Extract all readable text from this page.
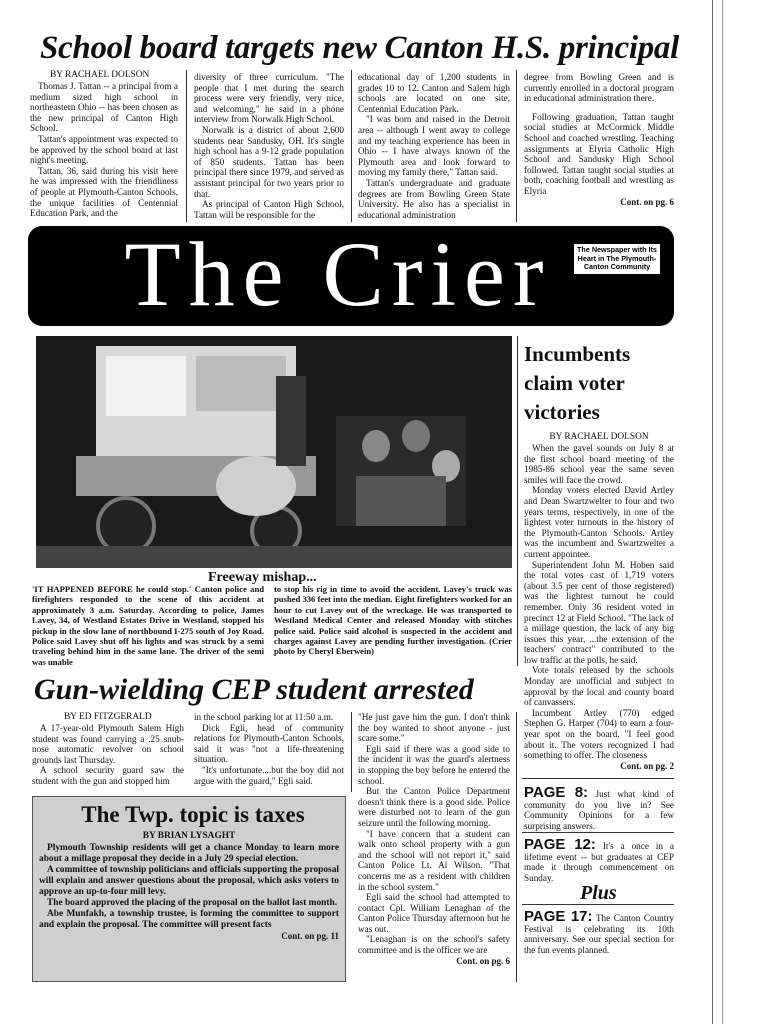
School board targets new Canton H.S. principal
BY RACHAEL DOLSON

Thomas J. Tattan -- a principal from a medium sized high school in northeastern Ohio -- has been chosen as the new principal of Canton High School.

Tattan's appointment was expected to be approved by the school board at last night's meeting.

Tattan, 36, said during his visit here he was impressed with the friendliness of people at Plymouth-Canton Schools, the unique facilities of Centennial Education Park, and the

diversity of three curriculum. "The people that I met during the search process were very friendly, very nice, and welcoming," he said in a phone interview from Norwalk High School.

Norwalk is a district of about 2,600 students near Sandusky, OH. It's single high school has a 9-12 grade population of 850 students. Tattan has been principal there since 1979, and served as assistant principal for two years prior to that.

As principal of Canton High School, Tattan will be responsible for the

educational day of 1,200 students in grades 10 to 12. Canton and Salem high schools are located on one site, Centennial Education Park.

"I was born and raised in the Detroit area -- although I went away to college and my teaching experience has been in Ohio -- I have always known of the Plymouth area and look forward to moving my family there," Tattan said.

Tattan's undergraduate and graduate degrees are from Bowling Green State University. He also has a specialist in educational administration

degree from Bowling Green and is currently enrolled in a doctoral program in educational administration there.

Following graduation, Tattan taught social studies at McCormick Middle School and coached wrestling. Teaching assignments at Elyria Catholic High School and Sandusky High School followed. Tattan taught social studies at both, coaching football and wrestling as Elyria

Cont. on pg. 6
The Crier	The Newspaper with Its Heart in The Plymouth-Canton Community
Freeway mishap...
'IT HAPPENED BEFORE he could stop.' Canton police and firefighters responded to the scene of this accident at approximately 3 a.m. Saturday. According to police, James Lavey, 34, of Westland Estates Drive in Westland, stopped his pickup in the slow lane of northbound I-275 south of Joy Road. Police said Lavey shut off his lights and was struck by a semi traveling behind him in the same lane. The driver of the semi was unable
to stop his rig in time to avoid the accident. Lavey's truck was pushed 336 feet into the median. Eight firefighters worked for an hour to cut Lavey out of the wreckage. He was transported to Westland Medical Center and released Monday with stitches police said. Police said alcohol is suspected in the accident and charges against Lavey are pending further investigation. (Crier photo by Cheryl Eberwein)
Incumbents claim voter victories
BY RACHAEL DOLSON

When the gavel sounds on July 8 at the first school board meeting of the 1985-86 school year the same seven smiles will face the crowd.

Monday voters elected David Artley and Dean Swartzwelter to four and two years terms, respectively, in one of the lightest voter turnouts in the history of the Plymouth-Canton Schools. Artley was the incumbent and Swartzwelter a current appointee.

Superintendent John M. Hoben said the total votes cast of 1,719 voters (about 3.5 per cent of those registered) was the lightest turnout he could remember. Only 36 resident voted in precinct 12 at Field School. "The lack of a millage question, the lack of any big issues this year, ...the extension of the teachers' contract" contributed to the low traffic at the polls, he said.

Vote totals released by the schools Monday are unofficial and subject to approval by the local and county board of canvassers.

Incumbent Artley (770) edged Stephen G. Harper (704) to earn a four-year spot on the board. "I feel good about it. The voters recognized I had something to offer. The closeness

Cont. on pg. 2
Gun-wielding CEP student arrested
BY ED FITZGERALD

A 17-year-old Plymouth Salem High student was found carrying a .25 snub-nose automatic revolver on school grounds last Thursday.

A school security guard saw the student with the gun and stopped him

in the school parking lot at 11:50 a.m.

Dick Egli, head of community relations for Plymouth-Canton Schools, said it was "not a life-threatening situation.

"It's unfortunate....but the boy did not argue with the guard," Egli said.

"He just gave him the gun. I don't think the boy wanted to shoot anyone - just scare some."

Egli said if there was a good side to the incident it was the guard's alertness in stopping the boy before he entered the school.

But the Canton Police Department doesn't think there is a good side. Police were disturbed not to learn of the gun seizure until the following morning.

"I have concern that a student can walk onto school property with a gun and the school will not report it," said Canton Police Lt. Al Wilson. "That concerns me as a resident with children in the school system."

Egli said the school had attempted to contact Cpl. William Lenaghan of the Canton Police Thursday afternoon but he was out.

"Lenaghan is on the school's safety committee and is the officer we are

Cont. on pg. 6
The Twp. topic is taxes
BY BRIAN LYSAGHT

Plymouth Township residents will get a chance Monday to learn more about a millage proposal they decide in a July 29 special election.

A committee of township politicians and officials supporting the proposal will explain and answer questions about the proposal, which asks voters to approve an up-to-four mill levy.

The board approved the placing of the proposal on the ballot last month.

Abe Munfakh, a township trustee, is forming the committee to support and explain the proposal. The committee will present facts

Cont. on pg. 11
PAGE 8: Just what kind of community do you live in? See Community Opinions for a few surprising answers.
PAGE 12: It's a once in a lifetime event -- but graduates at CEP made it through commencement on Sunday.
Plus
PAGE 17: The Canton Country Festival is celebrating its 10th anniversary. See our special section for the fun events planned.
